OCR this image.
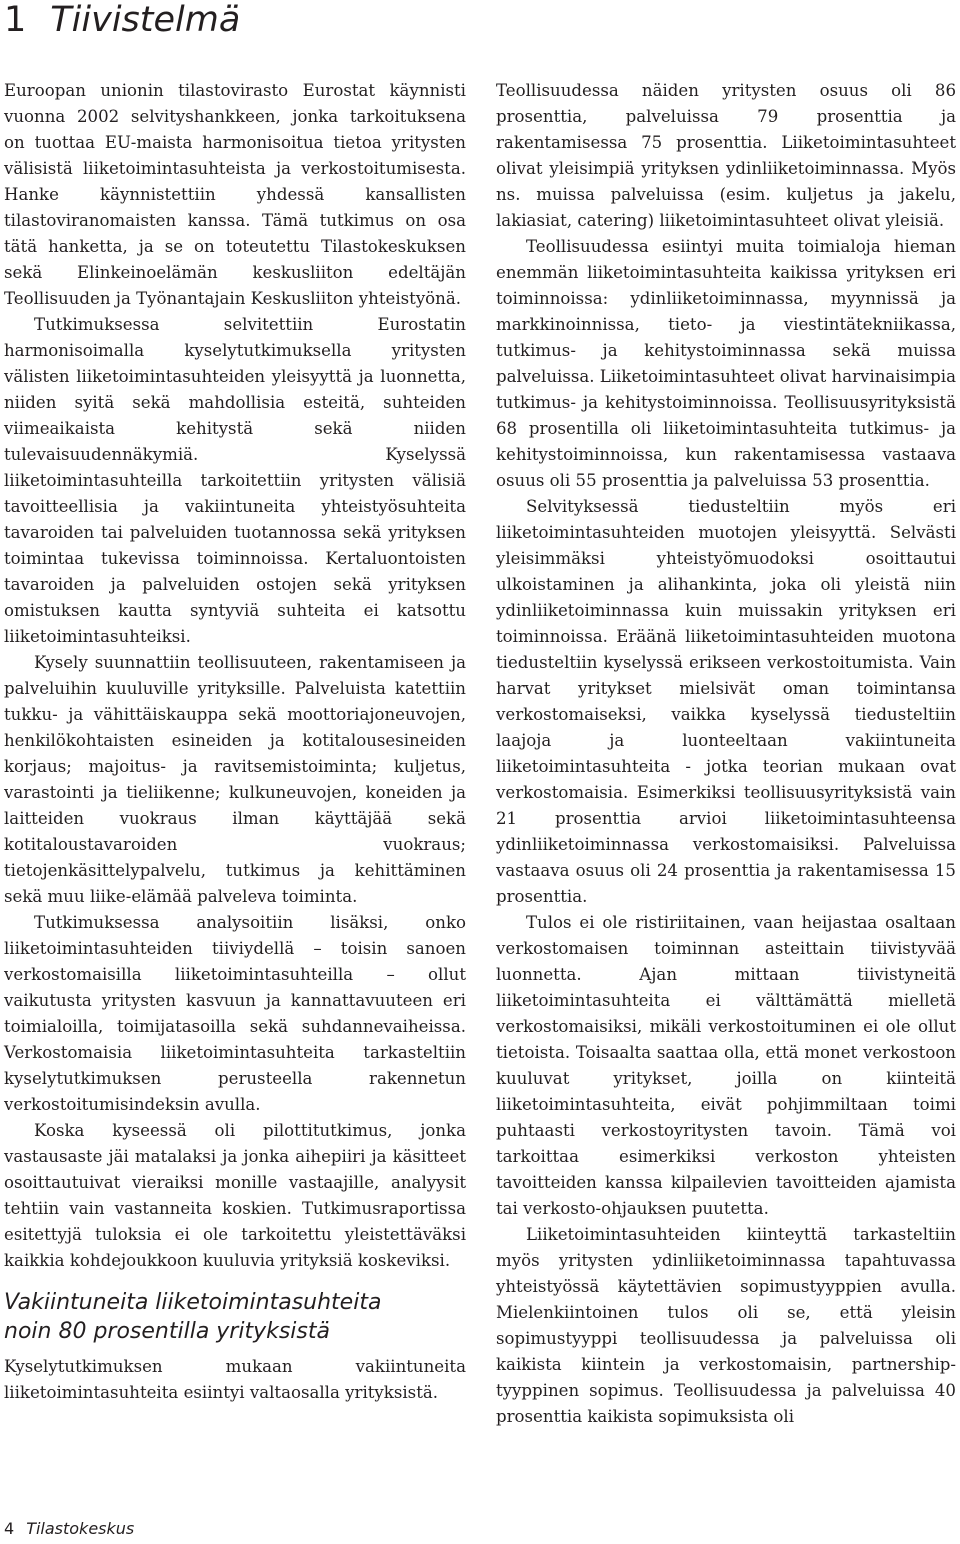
1 Tiivistelmä

Euroopan unionin tilastovirasto Eurostat käynnisti vuonna 2002 selvityshankkeen, jonka tarkoituksena on tuottaa EU-maista harmonisoitua tietoa yritysten välisistä liiketoimintasuhteista ja verkostoitumisesta. Hanke käynnistettiin yhdessä kansallisten tilastoviranomaisten kanssa. Tämä tutkimus on osa tätä hanketta, ja se on toteutettu Tilastokeskuksen sekä Elinkeinoelämän keskusliiton edeltäjän Teollisuuden ja Työnantajain Keskusliiton yhteistyönä.

Tutkimuksessa selvitettiin Eurostatin harmonisoimalla kyselytutkimuksella yritysten välisten liiketoimintasuhteiden yleisyyttä ja luonnetta, niiden syitä sekä mahdollisia esteitä, suhteiden viimeaikaista kehitystä sekä niiden tulevaisuudennäkymiä. Kyselyssä liiketoimintasuhteilla tarkoitettiin yritysten välisiä tavoitteellisia ja vakiintuneita yhteistyösuhteita tavaroiden tai palveluiden tuotannossa sekä yrityksen toimintaa tukevissa toiminnoissa. Kertaluontoisten tavaroiden ja palveluiden ostojen sekä yrityksen omistuksen kautta syntyviä suhteita ei katsottu liiketoimintasuhteiksi.

Kysely suunnattiin teollisuuteen, rakentamiseen ja palveluihin kuuluville yrityksille. Palveluista katettiin tukku- ja vähittäiskauppa sekä moottoriajoneuvojen, henkilökohtaisten esineiden ja kotitalousesineiden korjaus; majoitus- ja ravitsemistoiminta; kuljetus, varastointi ja tieliikenne; kulkuneuvojen, koneiden ja laitteiden vuokraus ilman käyttäjää sekä kotitaloustavaroiden vuokraus; tietojenkäsittelypalvelu, tutkimus ja kehittäminen sekä muu liike-elämää palveleva toiminta.

Tutkimuksessa analysoitiin lisäksi, onko liiketoimintasuhteiden tiiviydellä – toisin sanoen verkostomaisilla liiketoimintasuhteilla – ollut vaikutusta yritysten kasvuun ja kannattavuuteen eri toimialoilla, toimijatasoilla sekä suhdannevaiheissa. Verkostomaisia liiketoimintasuhteita tarkasteltiin kyselytutkimuksen perusteella rakennetun verkostoitumisindeksin avulla.

Koska kyseessä oli pilottitutkimus, jonka vastausaste jäi matalaksi ja jonka aihepiiri ja käsitteet osoittautuivat vieraiksi monille vastaajille, analyysit tehtiin vain vastanneita koskien. Tutkimusraportissa esitettyjä tuloksia ei ole tarkoitettu yleistettäväksi kaikkia kohdejoukkoon kuuluvia yrityksiä koskeviksi.

Vakiintuneita liiketoimintasuhteita
noin 80 prosentilla yrityksistä

Kyselytutkimuksen mukaan vakiintuneita liiketoimintasuhteita esiintyi valtaosalla yrityksistä.

Teollisuudessa näiden yritysten osuus oli 86 prosenttia, palveluissa 79 prosenttia ja rakentamisessa 75 prosenttia. Liiketoimintasuhteet olivat yleisimpiä yrityksen ydinliiketoiminnassa. Myös ns. muissa palveluissa (esim. kuljetus ja jakelu, lakiasiat, catering) liiketoimintasuhteet olivat yleisiä.

Teollisuudessa esiintyi muita toimialoja hieman enemmän liiketoimintasuhteita kaikissa yrityksen eri toiminnoissa: ydinliiketoiminnassa, myynnissä ja markkinoinnissa, tieto- ja viestintätekniikassa, tutkimus- ja kehitystoiminnassa sekä muissa palveluissa. Liiketoimintasuhteet olivat harvinaisimpia tutkimus- ja kehitystoiminnoissa. Teollisuusyrityksistä 68 prosentilla oli liiketoimintasuhteita tutkimus- ja kehitystoiminnoissa, kun rakentamisessa vastaava osuus oli 55 prosenttia ja palveluissa 53 prosenttia.

Selvityksessä tiedusteltiin myös eri liiketoimintasuhteiden muotojen yleisyyttä. Selvästi yleisimmäksi yhteistyömuodoksi osoittautui ulkoistaminen ja alihankinta, joka oli yleistä niin ydinliiketoiminnassa kuin muissakin yrityksen eri toiminnoissa. Eräänä liiketoimintasuhteiden muotona tiedusteltiin kyselyssä erikseen verkostoitumista. Vain harvat yritykset mielsivät oman toimintansa verkostomaiseksi, vaikka kyselyssä tiedusteltiin laajoja ja luonteeltaan vakiintuneita liiketoimintasuhteita - jotka teorian mukaan ovat verkostomaisia. Esimerkiksi teollisuusyrityksistä vain 21 prosenttia arvioi liiketoimintasuhteensa ydinliiketoiminnassa verkostomaisiksi. Palveluissa vastaava osuus oli 24 prosenttia ja rakentamisessa 15 prosenttia.

Tulos ei ole ristiriitainen, vaan heijastaa osaltaan verkostomaisen toiminnan asteittain tiivistyvää luonnetta. Ajan mittaan tiivistyneitä liiketoimintasuhteita ei välttämättä mielletä verkostomaisiksi, mikäli verkostoituminen ei ole ollut tietoista. Toisaalta saattaa olla, että monet verkostoon kuuluvat yritykset, joilla on kiinteitä liiketoimintasuhteita, eivät pohjimmiltaan toimi puhtaasti verkostoyritysten tavoin. Tämä voi tarkoittaa esimerkiksi verkoston yhteisten tavoitteiden kanssa kilpailevien tavoitteiden ajamista tai verkosto-ohjauksen puutetta.

Liiketoimintasuhteiden kiinteyttä tarkasteltiin myös yritysten ydinliiketoiminnassa tapahtuvassa yhteistyössä käytettävien sopimustyyppien avulla. Mielenkiintoinen tulos oli se, että yleisin sopimustyyppi teollisuudessa ja palveluissa oli kaikista kiintein ja verkostomaisin, partnership-tyyppinen sopimus. Teollisuudessa ja palveluissa 40 prosenttia kaikista sopimuksista oli

4 Tilastokeskus
